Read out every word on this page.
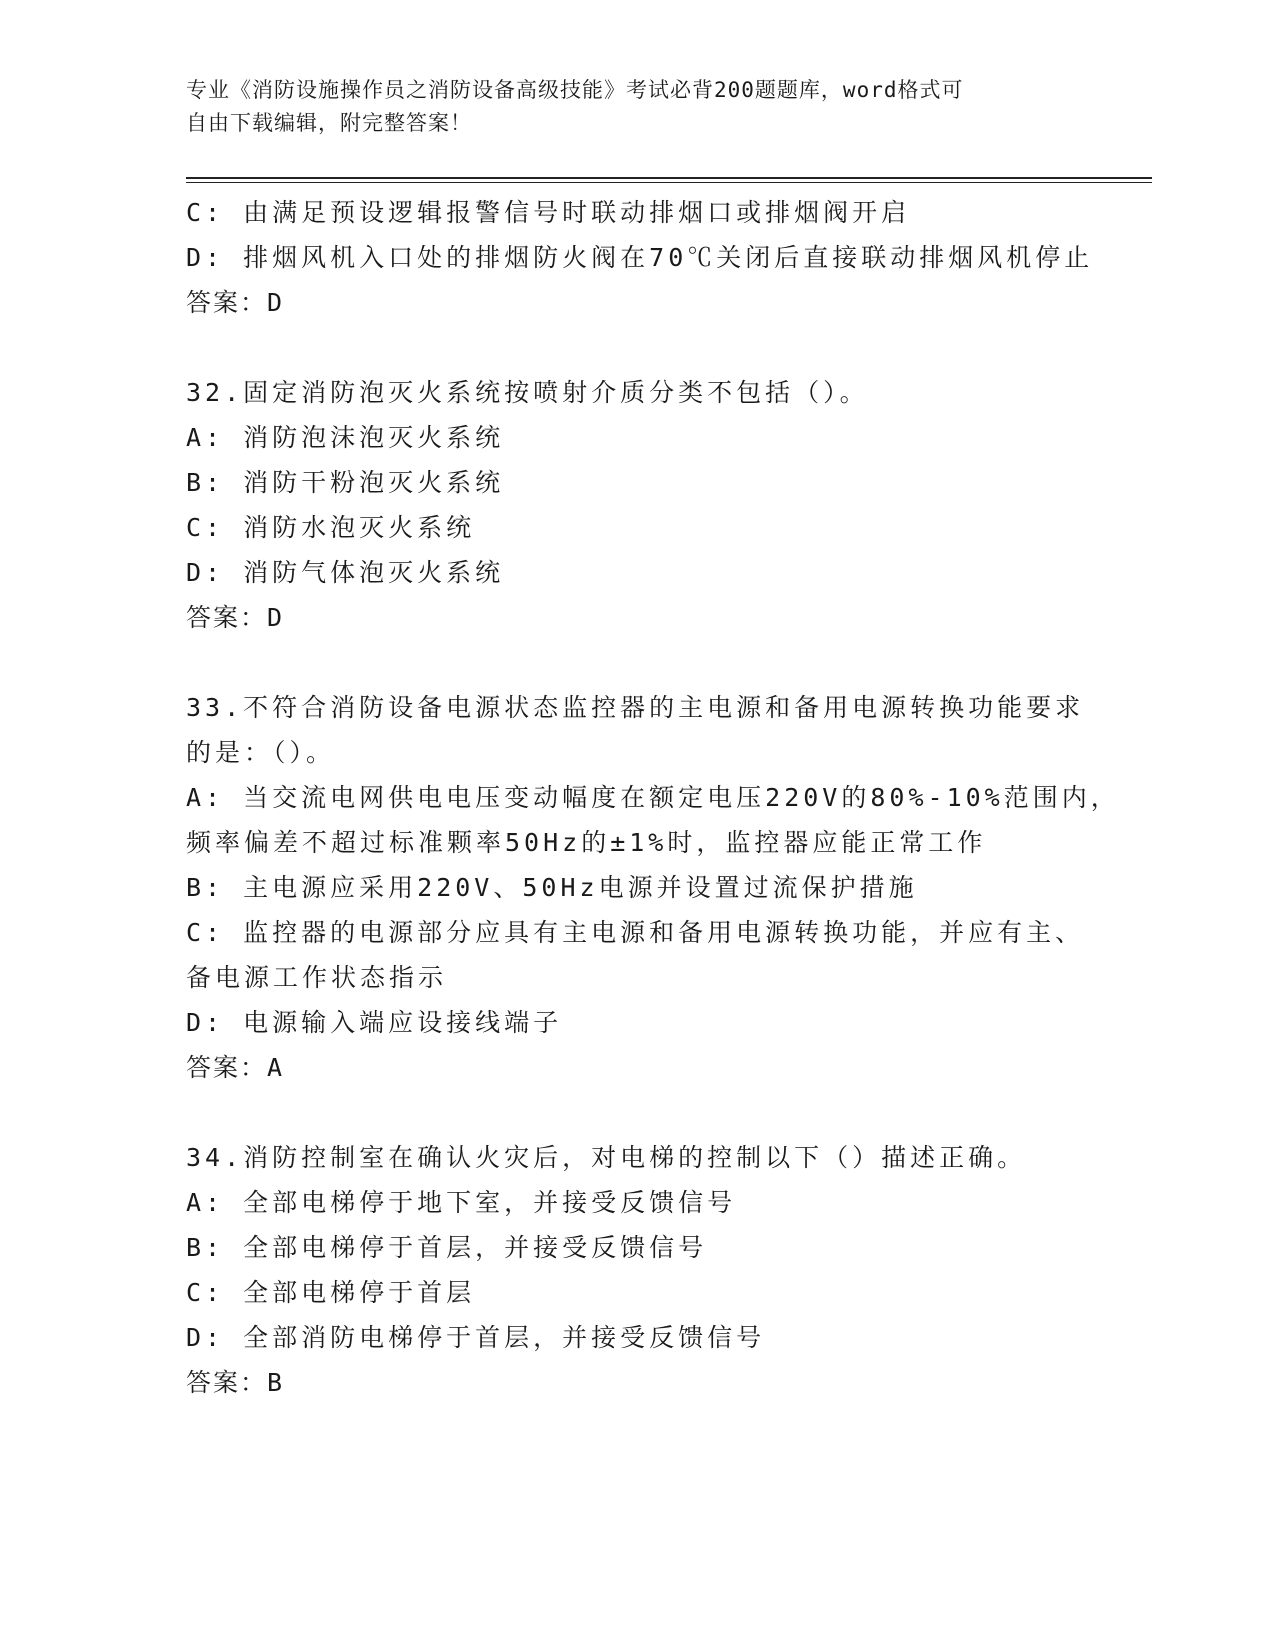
专业《消防设施操作员之消防设备高级技能》考试必背200题题库，word格式可
自由下载编辑，附完整答案！
C: 由满足预设逻辑报警信号时联动排烟口或排烟阀开启
D: 排烟风机入口处的排烟防火阀在70℃关闭后直接联动排烟风机停止
答案：D
32.固定消防泡灭火系统按喷射介质分类不包括（）。
A: 消防泡沫泡灭火系统
B: 消防干粉泡灭火系统
C: 消防水泡灭火系统
D: 消防气体泡灭火系统
答案：D
33.不符合消防设备电源状态监控器的主电源和备用电源转换功能要求
的是：（）。
A: 当交流电网供电电压变动幅度在额定电压220V的80%-10%范围内，
频率偏差不超过标准颗率50Hz的±1%时，监控器应能正常工作
B: 主电源应采用220V、50Hz电源并设置过流保护措施
C: 监控器的电源部分应具有主电源和备用电源转换功能，并应有主、
备电源工作状态指示
D: 电源输入端应设接线端子
答案：A
34.消防控制室在确认火灾后，对电梯的控制以下（）描述正确。
A: 全部电梯停于地下室，并接受反馈信号
B: 全部电梯停于首层，并接受反馈信号
C: 全部电梯停于首层
D: 全部消防电梯停于首层，并接受反馈信号
答案：B
